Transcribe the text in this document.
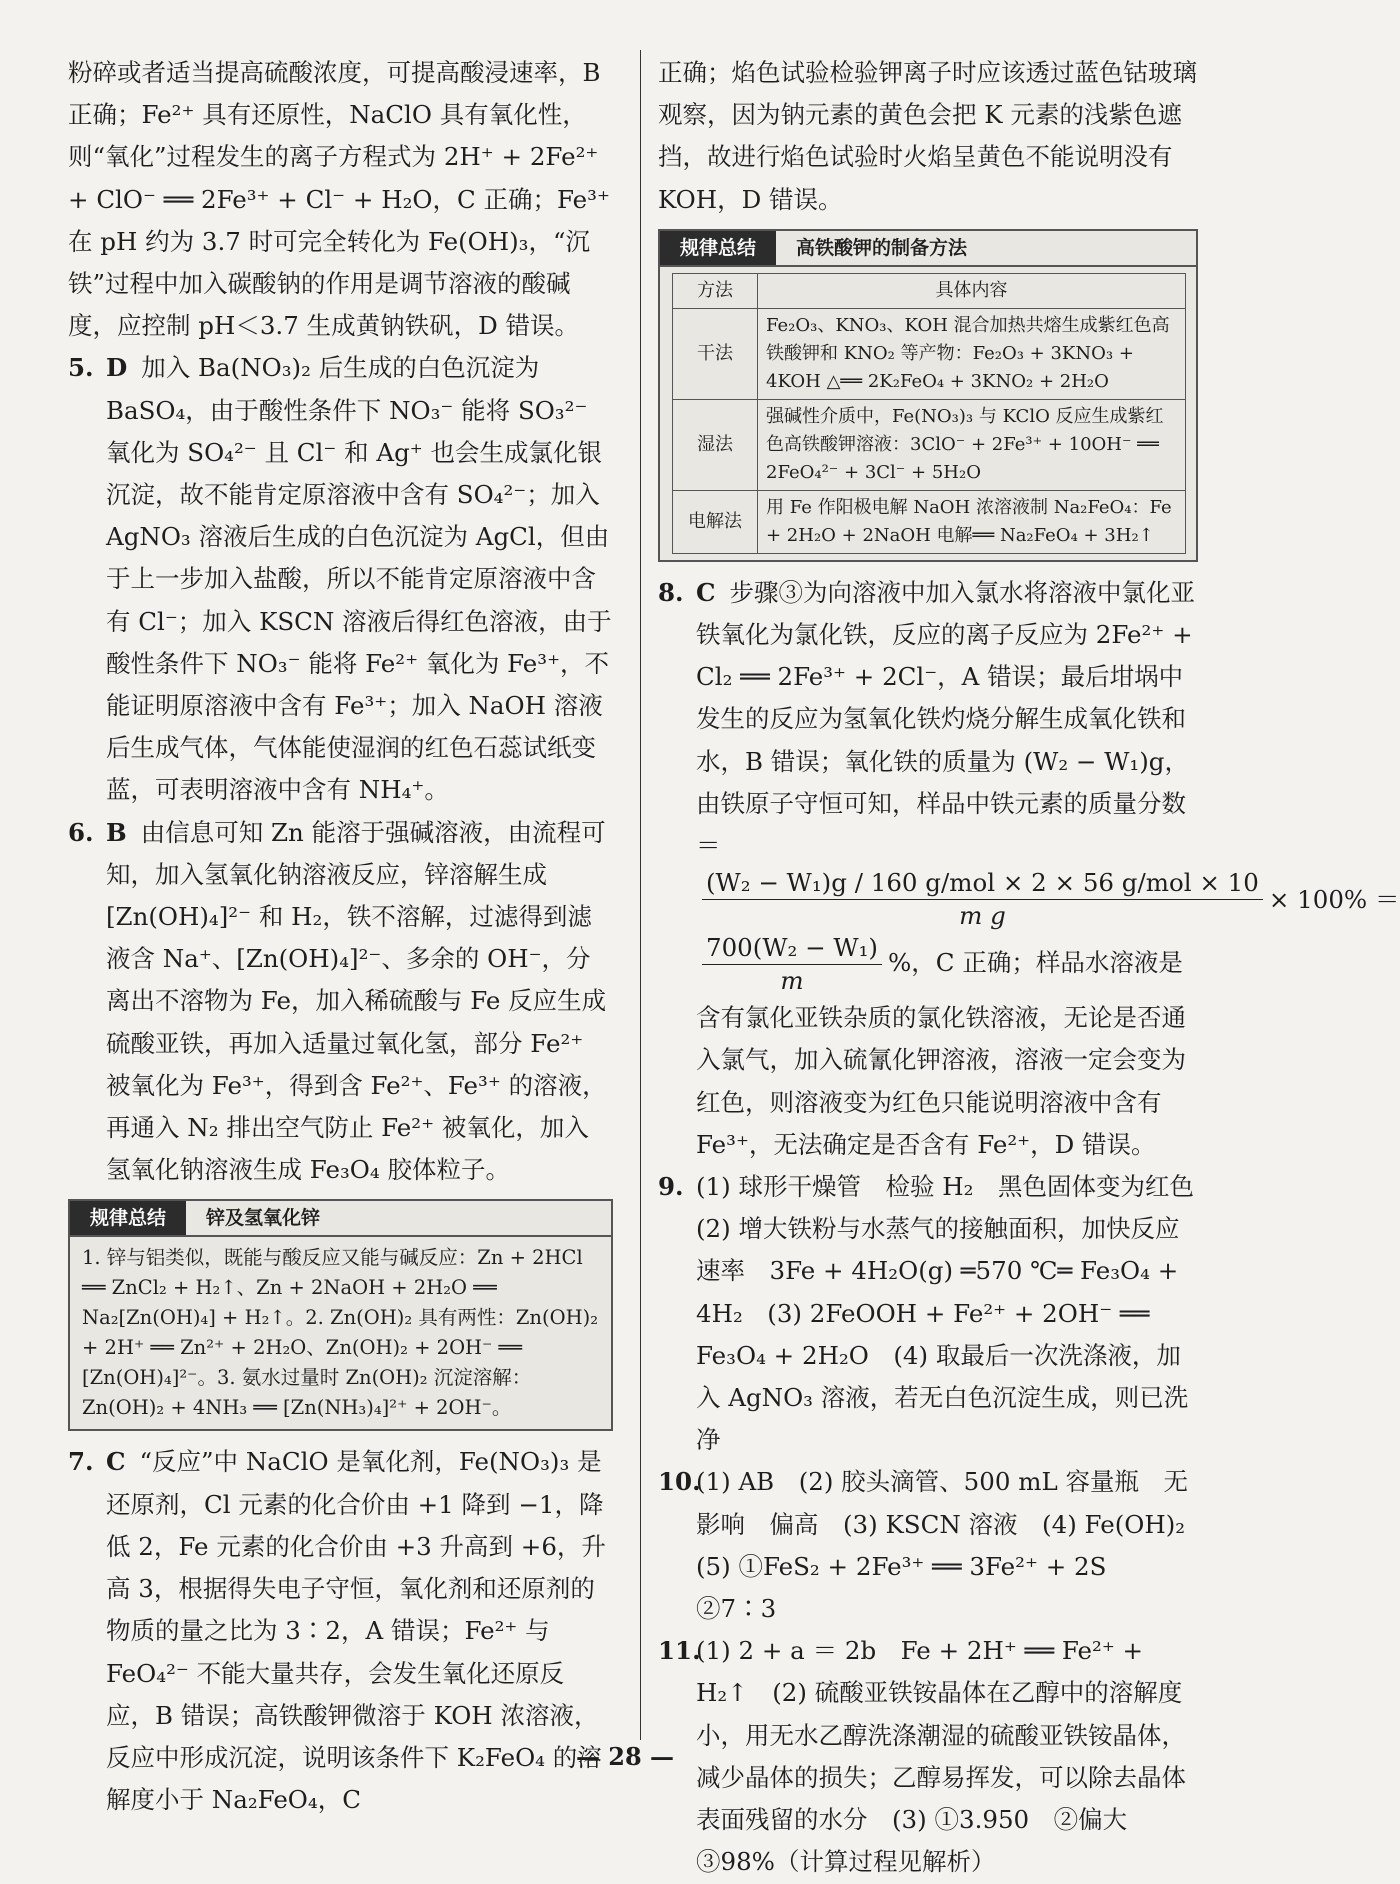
粉碎或者适当提高硫酸浓度，可提高酸浸速率，B 正确；Fe²⁺ 具有还原性，NaClO 具有氧化性，则“氧化”过程发生的离子方程式为 2H⁺ + 2Fe²⁺ + ClO⁻ ══ 2Fe³⁺ + Cl⁻ + H₂O，C 正确；Fe³⁺ 在 pH 约为 3.7 时可完全转化为 Fe(OH)₃，“沉铁”过程中加入碳酸钠的作用是调节溶液的酸碱度，应控制 pH＜3.7 生成黄钠铁矾，D 错误。

5. D 加入 Ba(NO₃)₂ 后生成的白色沉淀为 BaSO₄，由于酸性条件下 NO₃⁻ 能将 SO₃²⁻ 氧化为 SO₄²⁻ 且 Cl⁻ 和 Ag⁺ 也会生成氯化银沉淀，故不能肯定原溶液中含有 SO₄²⁻；加入 AgNO₃ 溶液后生成的白色沉淀为 AgCl，但由于上一步加入盐酸，所以不能肯定原溶液中含有 Cl⁻；加入 KSCN 溶液后得红色溶液，由于酸性条件下 NO₃⁻ 能将 Fe²⁺ 氧化为 Fe³⁺，不能证明原溶液中含有 Fe³⁺；加入 NaOH 溶液后生成气体，气体能使湿润的红色石蕊试纸变蓝，可表明溶液中含有 NH₄⁺。

6. B 由信息可知 Zn 能溶于强碱溶液，由流程可知，加入氢氧化钠溶液反应，锌溶解生成 [Zn(OH)₄]²⁻ 和 H₂，铁不溶解，过滤得到滤液含 Na⁺、[Zn(OH)₄]²⁻、多余的 OH⁻，分离出不溶物为 Fe，加入稀硫酸与 Fe 反应生成硫酸亚铁，再加入适量过氧化氢，部分 Fe²⁺ 被氧化为 Fe³⁺，得到含 Fe²⁺、Fe³⁺ 的溶液，再通入 N₂ 排出空气防止 Fe²⁺ 被氧化，加入氢氧化钠溶液生成 Fe₃O₄ 胶体粒子。

规律总结	锌及氢氧化锌
1. 锌与铝类似，既能与酸反应又能与碱反应：Zn + 2HCl ══ ZnCl₂ + H₂↑、Zn + 2NaOH + 2H₂O ══ Na₂[Zn(OH)₄] + H₂↑。2. Zn(OH)₂ 具有两性：Zn(OH)₂ + 2H⁺ ══ Zn²⁺ + 2H₂O、Zn(OH)₂ + 2OH⁻ ══ [Zn(OH)₄]²⁻。3. 氨水过量时 Zn(OH)₂ 沉淀溶解：Zn(OH)₂ + 4NH₃ ══ [Zn(NH₃)₄]²⁺ + 2OH⁻。

7. C “反应”中 NaClO 是氧化剂，Fe(NO₃)₃ 是还原剂，Cl 元素的化合价由 +1 降到 −1，降低 2，Fe 元素的化合价由 +3 升高到 +6，升高 3，根据得失电子守恒，氧化剂和还原剂的物质的量之比为 3∶2，A 错误；Fe²⁺ 与 FeO₄²⁻ 不能大量共存，会发生氧化还原反应，B 错误；高铁酸钾微溶于 KOH 浓溶液，反应中形成沉淀，说明该条件下 K₂FeO₄ 的溶解度小于 Na₂FeO₄，C

正确；焰色试验检验钾离子时应该透过蓝色钴玻璃观察，因为钠元素的黄色会把 K 元素的浅紫色遮挡，故进行焰色试验时火焰呈黄色不能说明没有 KOH，D 错误。

规律总结	高铁酸钾的制备方法
方法	具体内容
干法	Fe₂O₃、KNO₃、KOH 混合加热共熔生成紫红色高铁酸钾和 KNO₂ 等产物：Fe₂O₃ + 3KNO₃ + 4KOH △══ 2K₂FeO₄ + 3KNO₂ + 2H₂O
湿法	强碱性介质中，Fe(NO₃)₃ 与 KClO 反应生成紫红色高铁酸钾溶液：3ClO⁻ + 2Fe³⁺ + 10OH⁻ ══ 2FeO₄²⁻ + 3Cl⁻ + 5H₂O
电解法	用 Fe 作阳极电解 NaOH 浓溶液制 Na₂FeO₄：Fe + 2H₂O + 2NaOH 电解══ Na₂FeO₄ + 3H₂↑

8. C 步骤③为向溶液中加入氯水将溶液中氯化亚铁氧化为氯化铁，反应的离子反应为 2Fe²⁺ + Cl₂ ══ 2Fe³⁺ + 2Cl⁻，A 错误；最后坩埚中发生的反应为氢氧化铁灼烧分解生成氧化铁和水，B 错误；氧化铁的质量为 (W₂ − W₁)g，由铁原子守恒可知，样品中铁元素的质量分数 ＝

$\frac{\text{(W₂ − W₁)g / 160 g/mol × 2 × 56 g/mol × 10}}{\text{m g}} \times 100\%$ ＝

$\frac{\text{700(W₂ − W₁)}}{m}$ %，C 正确；样品水溶液是含有氯化亚铁杂质的氯化铁溶液，无论是否通入氯气，加入硫氰化钾溶液，溶液一定会变为红色，则溶液变为红色只能说明溶液中含有 Fe³⁺，无法确定是否含有 Fe²⁺，D 错误。

9. (1) 球形干燥管　检验 H₂　黑色固体变为红色　(2) 增大铁粉与水蒸气的接触面积，加快反应速率　3Fe + 4H₂O(g) ═570 ℃═ Fe₃O₄ + 4H₂　(3) 2FeOOH + Fe²⁺ + 2OH⁻ ══ Fe₃O₄ + 2H₂O　(4) 取最后一次洗涤液，加入 AgNO₃ 溶液，若无白色沉淀生成，则已洗净

10.(1) AB　(2) 胶头滴管、500 mL 容量瓶　无影响　偏高　(3) KSCN 溶液　(4) Fe(OH)₂　(5) ①FeS₂ + 2Fe³⁺ ══ 3Fe²⁺ + 2S　②7∶3

11.(1) 2 + a ＝ 2b　Fe + 2H⁺ ══ Fe²⁺ + H₂↑　(2) 硫酸亚铁铵晶体在乙醇中的溶解度小，用无水乙醇洗涤潮湿的硫酸亚铁铵晶体，减少晶体的损失；乙醇易挥发，可以除去晶体表面残留的水分　(3) ①3.950　②偏大　③98%（计算过程见解析）

— 28 —
